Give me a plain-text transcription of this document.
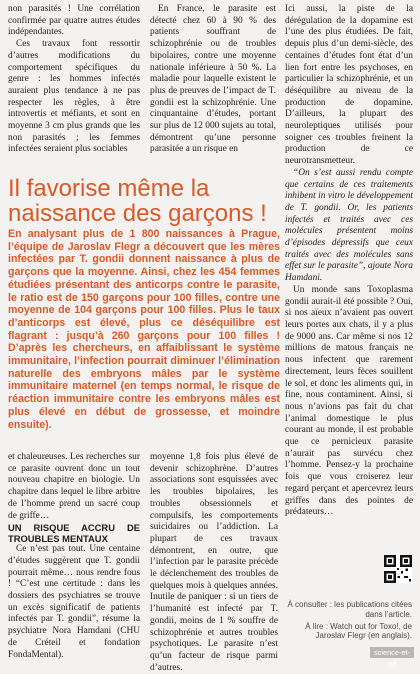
non parasités ! Une corrélation confirmée par quatre autres études indépendantes.

Ces travaux font ressortir d’autres modifications du comportement spécifiques du genre : les hommes infectés auraient plus tendance à ne pas respecter les règles, à être introvertis et méfiants, et sont en moyenne 3 cm plus grands que les non parasités ; les femmes infectées seraient plus sociables

En France, le parasite est détecté chez 60 à 90 % des patients souffrant de schizophrénie ou de troubles bipolaires, contre une moyenne nationale inférieure à 50 %. La maladie pour laquelle existent le plus de preuves de l’impact de T. gondii est la schizophrénie. Une cinquantaine d’études, portant sur plus de 12 000 sujets au total, démontrent qu’une personne parasitée a un risque en

Ici aussi, la piste de la dérégulation de la dopamine est l’une des plus étudiées. De fait, depuis plus d’un demi-siècle, des centaines d’études font état d’un lien fort entre les psychoses, en particulier la schizophrénie, et un déséquilibre au niveau de la production de dopamine. D’ailleurs, la plupart des neuroleptiques utilisés pour soigner ces troubles freinent la production de ce neurotransmetteur.

“On s’est aussi rendu compte que certains de ces traitements inhibent in vitro le développement de T. gondii. Or, les patients infectés et traités avec ces molécules présentent moins d’épisodes dépressifs que ceux traités avec des molécules sans effet sur le parasite”, ajoute Nora Hamdani.

Un monde sans Toxoplasma gondii aurait-il été possible ? Oui, si nos aïeux n’avaient pas ouvert leurs portes aux chats, il y a plus de 9000 ans. Car même si nos 12 millions de matous français ne nous infectent que rarement directement, leurs fèces souillent le sol, et donc les aliments qui, in fine, nous contaminent. Ainsi, si nous n’avions pas fait du chat l’animal domestique le plus courant au monde, il est probable que ce pernicieux parasite n’aurait pas survécu chez l’homme. Pensez-y la prochaine fois que vous croiserez leur regard perçant et apercevrez leurs griffes dans des pointes de prédateurs…

Il favorise même la naissance des garçons !

En analysant plus de 1 800 naissances à Prague, l’équipe de Jaroslav Flegr a découvert que les mères infectées par T. gondii donnent naissance à plus de garçons que la moyenne. Ainsi, chez les 454 femmes étudiées présentant des anticorps contre le parasite, le ratio est de 150 garçons pour 100 filles, contre une moyenne de 104 garçons pour 100 filles. Plus le taux d’anticorps est élevé, plus ce déséquilibre est flagrant : jusqu’à 260 garçons pour 100 filles ! D’après les chercheurs, en affaiblissant le système immunitaire, l’infection pourrait diminuer l’élimination naturelle des embryons mâles par le système immunitaire maternel (en temps normal, le risque de réaction immunitaire contre les embryons mâles est plus élevé en début de grossesse, et moindre ensuite).

et chaleureuses. Les recherches sur ce parasite ouvrent donc un tout nouveau chapitre en biologie. Un chapitre dans lequel le libre arbitre de l’homme prend un sacré coup de griffe…

UN RISQUE ACCRU DE TROUBLES MENTAUX

Ce n’est pas tout. Une centaine d’études suggèrent que T. gondii pourrait même… nous rendre fous ! “C’est une certitude : dans les dossiers des psychiatres se trouve un excès significatif de patients infectés par T. gondii”, résume la psychiatre Nora Hamdani (CHU de Créteil et fondation FondaMental).

moyenne 1,8 fois plus élevé de devenir schizophrène. D’autres associations sont esquissées avec les troubles bipolaires, les troubles obsessionnels et compulsifs, les comportements suicidaires ou l’addiction. La plupart de ces travaux démontrent, en outre, que l’infection par le parasite précède le déclenchement des troubles de quelques mois à quelques années. Inutile de paniquer : si un tiers de l’humanité est infecté par T. gondii, moins de 1 % souffre de schizophrénie et autres troubles psychotiques. Le parasite n’est qu’un facteur de risque parmi d’autres.

À consulter : les publications citées dans l’article.

À lire : Watch out for Toxo!, de Jaroslav Flegr (en anglais).

science-et-vie
